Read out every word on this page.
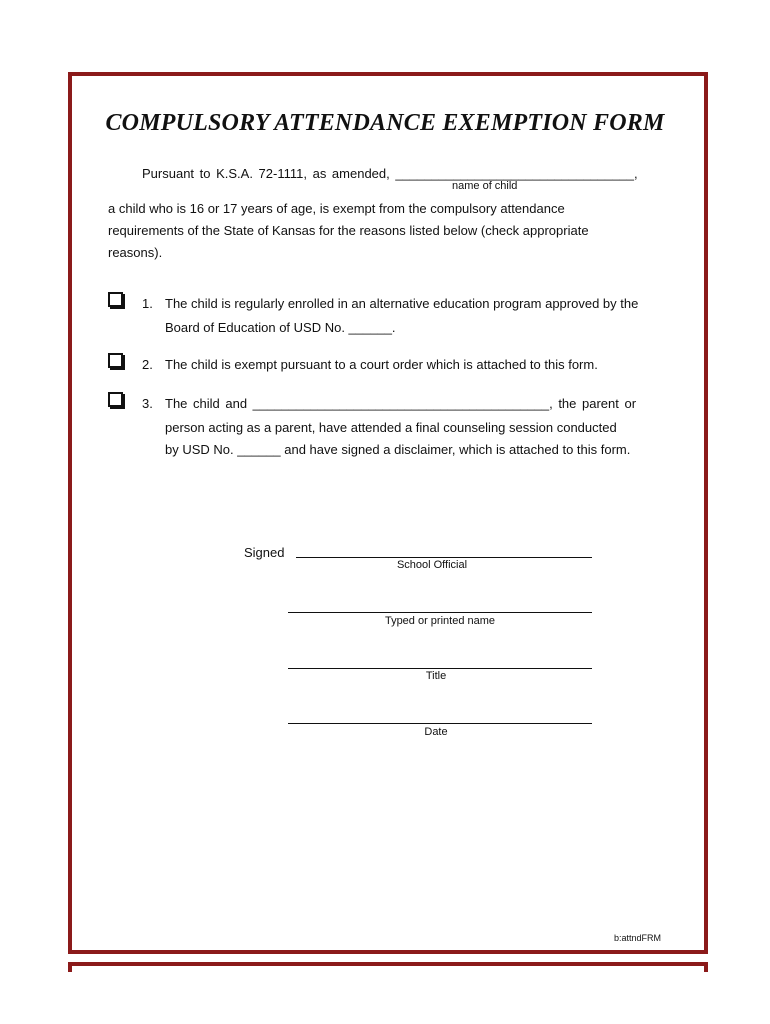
COMPULSORY ATTENDANCE EXEMPTION FORM
Pursuant to K.S.A. 72-1111, as amended, _________________________________,
name of child
a child who is 16 or 17 years of age, is exempt from the compulsory attendance
requirements of the State of Kansas for the reasons listed below (check appropriate
reasons).
1. The child is regularly enrolled in an alternative education program approved by the
Board of Education of USD No. ______.
2. The child is exempt pursuant to a court order which is attached to this form.
3. The child and _________________________________________, the parent or
person acting as a parent, have attended a final counseling session conducted
by USD No. ______ and have signed a disclaimer, which is attached to this form.
Signed
School Official
Typed or printed name
Title
Date
b:attndFRM
